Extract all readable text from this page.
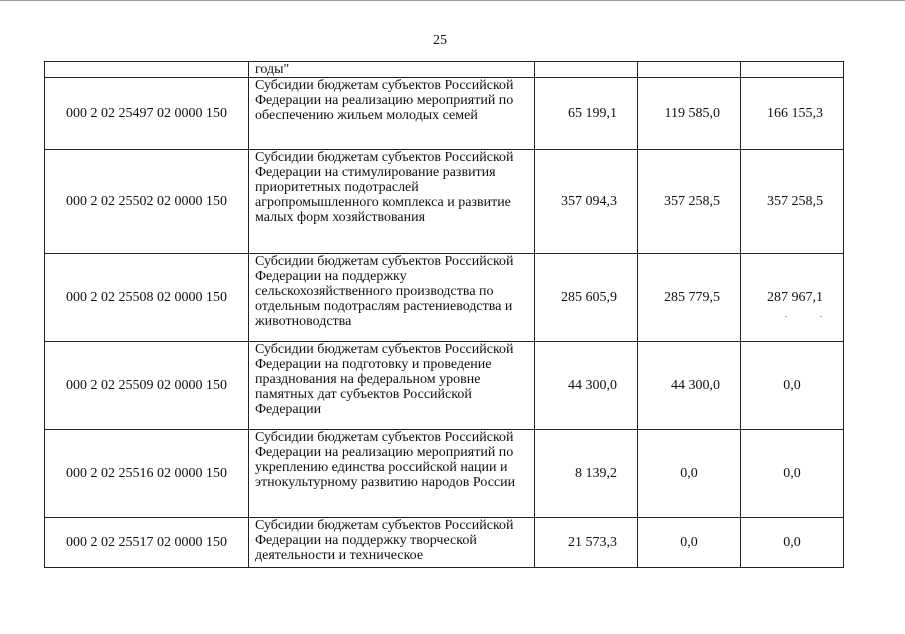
25
	годы"			
000 2 02 25497 02 0000 150	Субсидии бюджетам субъектов Российской Федерации на реализацию мероприятий по обеспечению жильем молодых семей	65 199,1	119 585,0	166 155,3
000 2 02 25502 02 0000 150	Субсидии бюджетам субъектов Российской Федерации на стимулирование развития приоритетных подотраслей агропромышленного комплекса и развитие малых форм хозяйствования	357 094,3	357 258,5	357 258,5
000 2 02 25508 02 0000 150	Субсидии бюджетам субъектов Российской Федерации на поддержку сельскохозяйственного производства по отдельным подотраслям растениеводства и животноводства	285 605,9	285 779,5	287 967,1
000 2 02 25509 02 0000 150	Субсидии бюджетам субъектов Российской Федерации на подготовку и проведение празднования на федеральном уровне памятных дат субъектов Российской Федерации	44 300,0	44 300,0	0,0
000 2 02 25516 02 0000 150	Субсидии бюджетам субъектов Российской Федерации на реализацию мероприятий по укреплению единства российской нации и этнокультурному развитию народов России	8 139,2	0,0	0,0
000 2 02 25517 02 0000 150	Субсидии бюджетам субъектов Российской Федерации на поддержку творческой деятельности и техническое	21 573,3	0,0	0,0
